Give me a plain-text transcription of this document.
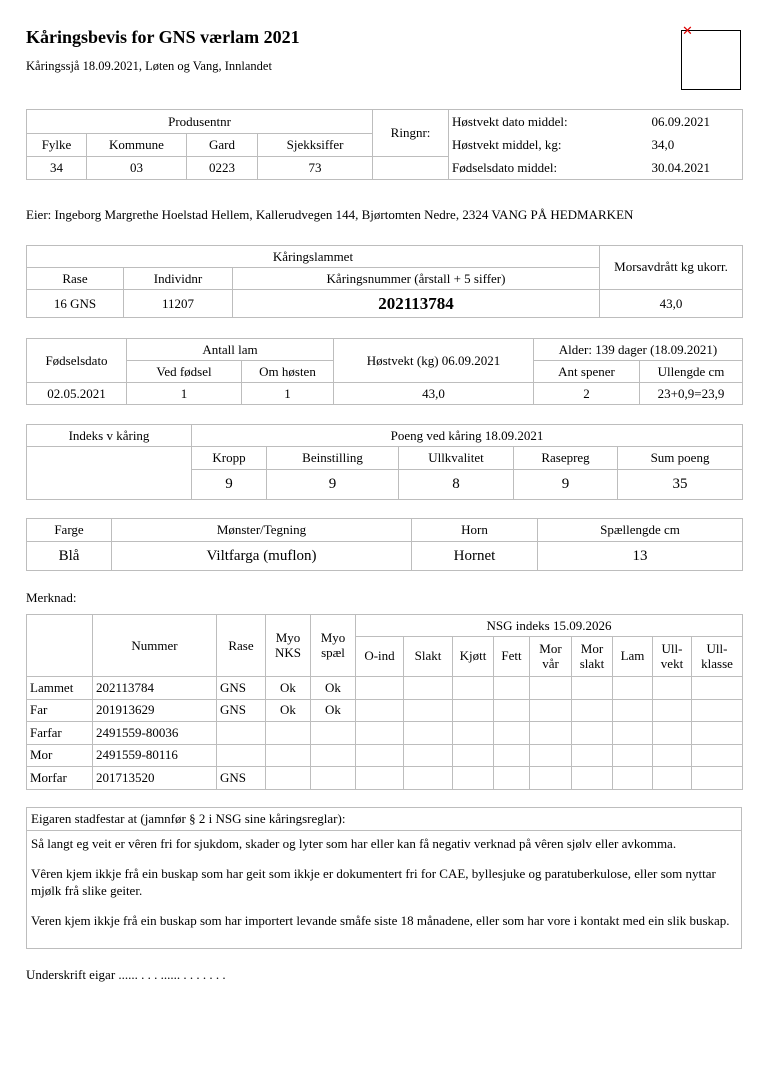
Kåringsbevis for GNS værlam 2021
Kåringssjå 18.09.2021, Løten og Vang, Innlandet
✕
Produsentnr				Ringnr:	Høstvekt dato middel:	06.09.2021
Fylke	Kommune	Gard	Sjekksiffer		Høstvekt middel, kg:	34,0
34	03	0223	73		Fødselsdato middel:	30.04.2021
Eier: Ingeborg Margrethe Hoelstad Hellem, Kallerudvegen 144, Bjørtomten Nedre, 2324 VANG PÅ HEDMARKEN
Kåringslammet			Morsavdrått kg ukorr.
Rase	Individnr	Kåringsnummer (årstall + 5 siffer)	
16 GNS	11207	202113784	43,0
Fødselsdato	Antall lam		Høstvekt (kg) 06.09.2021	Alder: 139 dager (18.09.2021)	
	Ved fødsel	Om høsten		Ant spener	Ullengde cm
02.05.2021	1	1	43,0	2	23+0,9=23,9
Indeks v kåring	Poeng ved kåring 18.09.2021				
	Kropp	Beinstilling	Ullkvalitet	Rasepreg	Sum poeng
	9	9	8	9	35
Farge	Mønster/Tegning	Horn	Spællengde cm
Blå	Viltfarga (muflon)	Hornet	13
Merknad:
	Nummer	Rase	Myo NKS	Myo spæl	NSG indeks 15.09.2026								
					O-ind	Slakt	Kjøtt	Fett	Mor vår	Mor slakt	Lam	Ull-vekt	Ull-klasse
Lammet	202113784	GNS	Ok	Ok									
Far	201913629	GNS	Ok	Ok									
Farfar	2491559-80036												
Mor	2491559-80116												
Morfar	201713520	GNS											
Eigaren stadfestar at (jamnfør § 2 i NSG sine kåringsreglar):

Så langt eg veit er vêren fri for sjukdom, skader og lyter som har eller kan få negativ verknad på vêren sjølv eller avkomma.

Vêren kjem ikkje frå ein buskap som har geit som ikkje er dokumentert fri for CAE, byllesjuke og paratuberkulose, eller som nyttar mjølk frå slike geiter.

Veren kjem ikkje frå ein buskap som har importert levande småfe siste 18 månadene, eller som har vore i kontakt med ein slik buskap.

Underskrift eigar ...... . . . ...... . . . . . . .
